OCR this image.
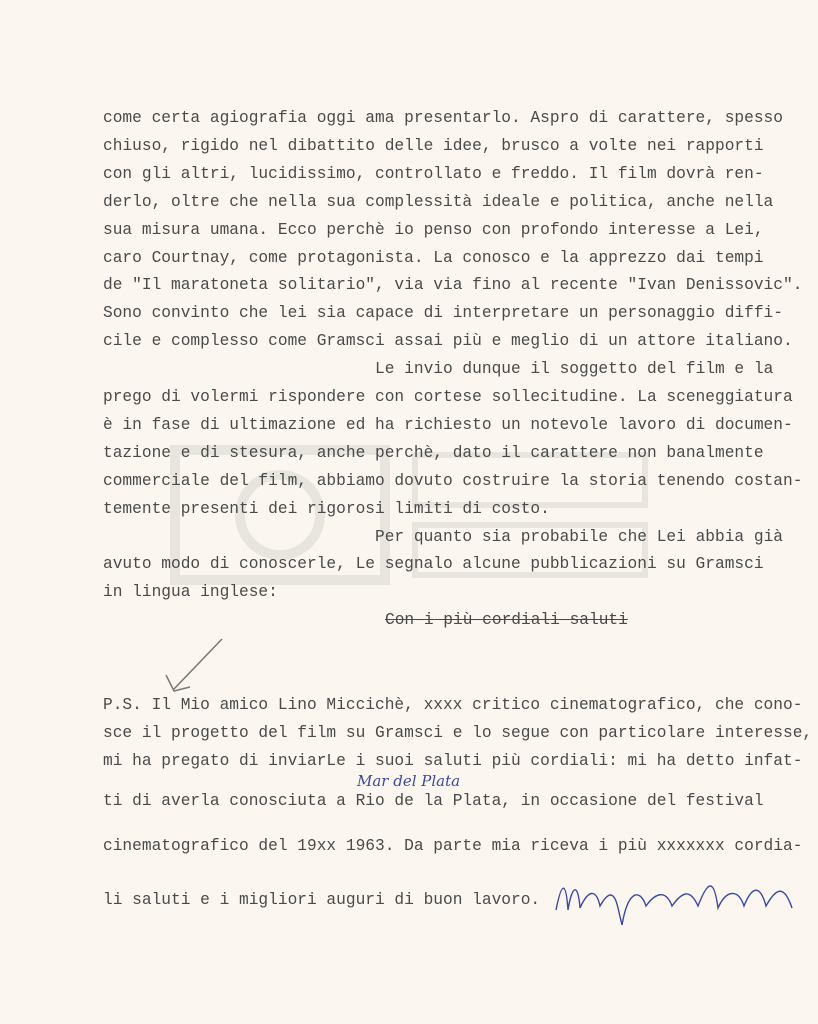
come certa agiografia oggi ama presentarlo. Aspro di carattere, spesso
chiuso, rigido nel dibattito delle idee, brusco a volte nei rapporti
con gli altri, lucidissimo, controllato e freddo. Il film dovrà ren-
derlo, oltre che nella sua complessità ideale e politica, anche nella
sua misura umana. Ecco perchè io penso con profondo interesse a Lei,
caro Courtnay, come protagonista. La conosco e la apprezzo dai tempi
de "Il maratoneta solitario", via via fino al recente "Ivan Denissovic".
Sono convinto che lei sia capace di interpretare un personaggio diffi-
cile e complesso come Gramsci assai più e meglio di un attore italiano.
Le invio dunque il soggetto del film e la
prego di volermi rispondere con cortese sollecitudine. La sceneggiatura
è in fase di ultimazione ed ha richiesto un notevole lavoro di documen-
tazione e di stesura, anche perchè, dato il carattere non banalmente
commerciale del film, abbiamo dovuto costruire la storia tenendo costan-
temente presenti dei rigorosi limiti di costo.
Per quanto sia probabile che Lei abbia già
avuto modo di conoscerle, Le segnalo alcune pubblicazioni su Gramsci
in lingua inglese:
Con i più cordiali saluti
P.S. Il Mio amico Lino Miccichè, xxxx critico cinematografico, che cono-
sce il progetto del film su Gramsci e lo segue con particolare interesse,
mi ha pregato di inviarLe i suoi saluti più cordiali: mi ha detto infat-
ti di averla conosciuta a Rio de la Plata, in occasione del festival
cinematografico del 19xx 1963. Da parte mia riceva i più xxxxxxx cordia-
li saluti e i migliori auguri di buon lavoro.
Mar del Plata
